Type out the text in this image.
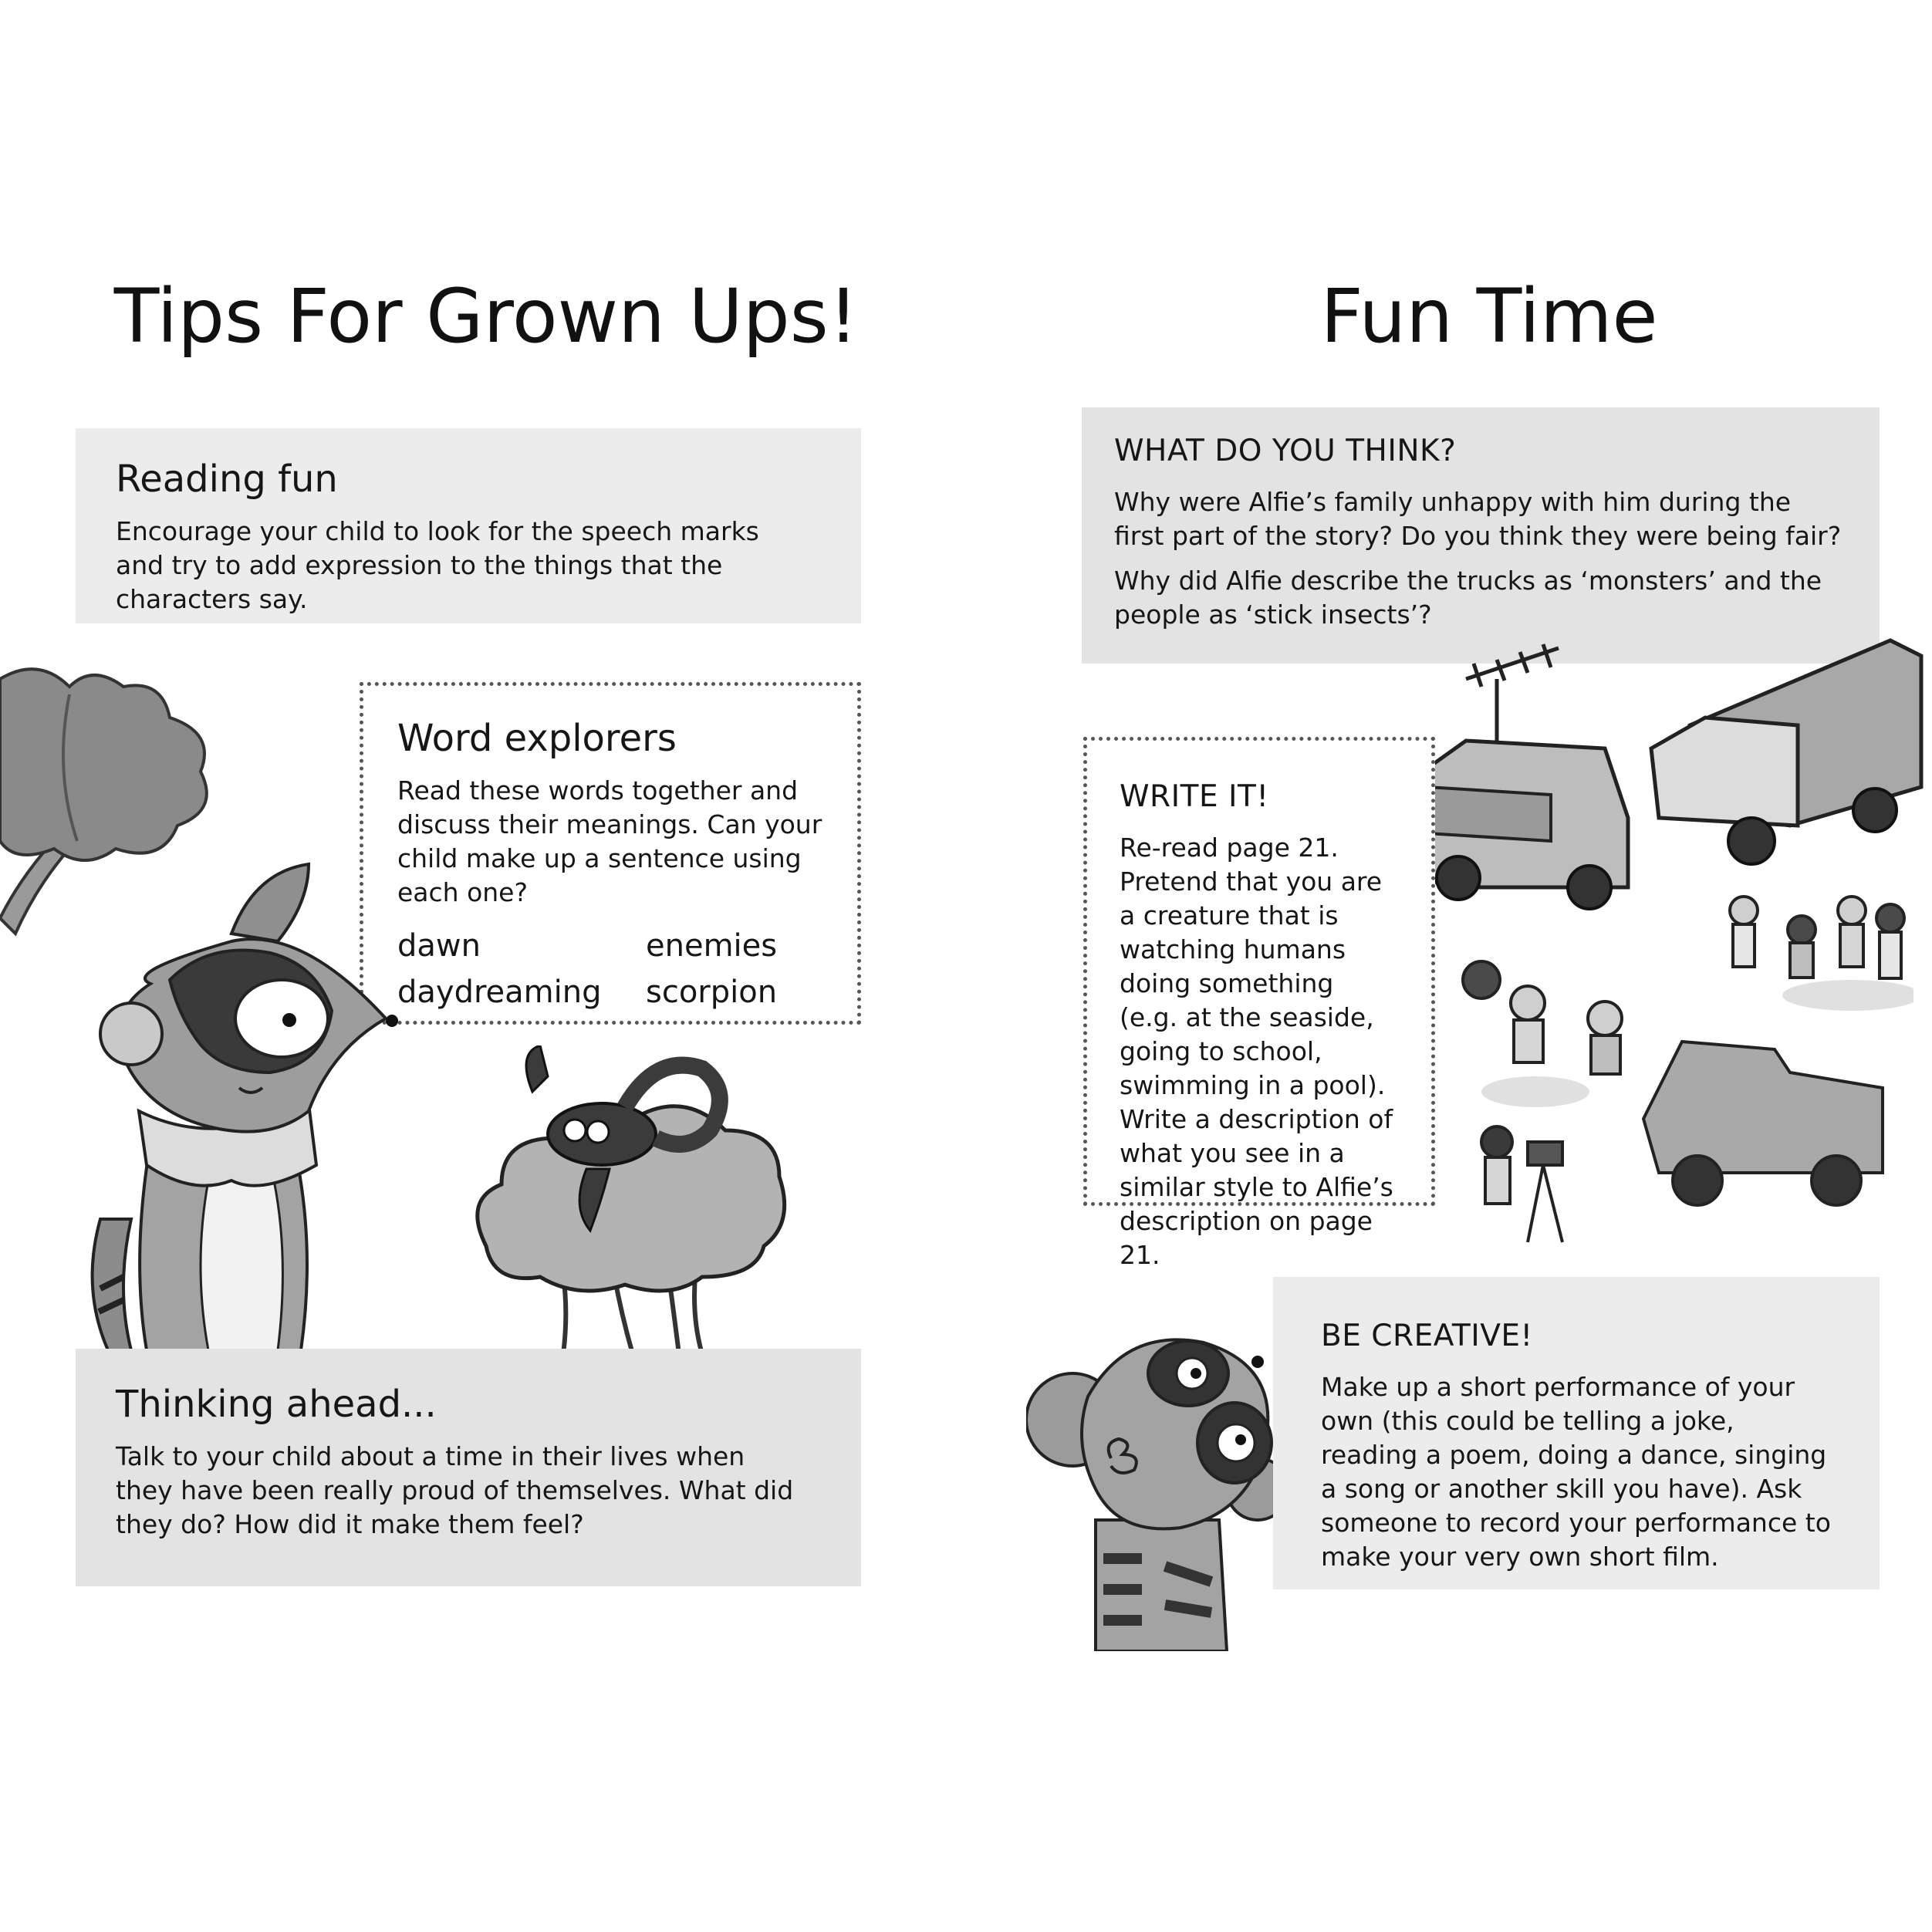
Tips For Grown Ups!
Reading fun

Encourage your child to look for the speech marks and try to add expression to the things that the characters say.

Word explorers

Read these words together and discuss their meanings. Can your child make up a sentence using each one?

dawn	enemies
daydreaming	scorpion
Thinking ahead...

Talk to your child about a time in their lives when they have been really proud of themselves. What did they do? How did it make them feel?

Fun Time
WHAT DO YOU THINK?

Why were Alfie’s family unhappy with him during the first part of the story? Do you think they were being fair?

Why did Alfie describe the trucks as ‘monsters’ and the people as ‘stick insects’?

WRITE IT!

Re-read page 21. Pretend that you are a creature that is watching humans doing something (e.g. at the seaside, going to school, swimming in a pool). Write a description of what you see in a similar style to Alfie’s description on page 21.

BE CREATIVE!

Make up a short performance of your own (this could be telling a joke, reading a poem, doing a dance, singing a song or another skill you have). Ask someone to record your performance to make your very own short film.
